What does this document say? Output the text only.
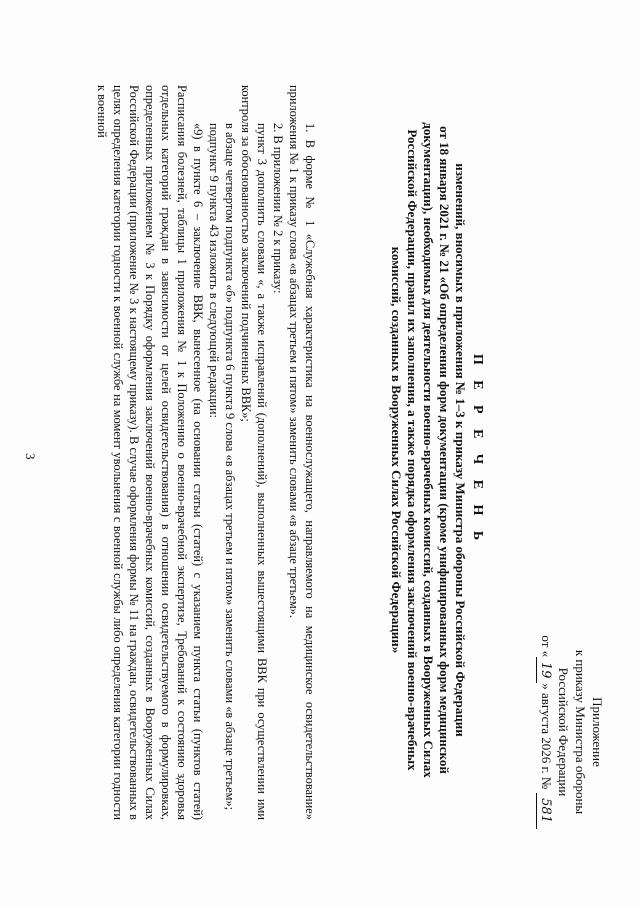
3
Приложение
к приказу Министра обороны
Российской Федерации
от «19» августа 2026 г. № 581
П Е Р Е Ч Е Н Ь
изменений, вносимых в приложения № 1–3 к приказу Министра обороны Российской Федерации
от 18 января 2021 г. № 21 «Об определении форм документации (кроме унифицированных форм медицинской
документации), необходимых для деятельности военно-врачебных комиссий, созданных в Вооруженных Силах
Российской Федерации, правил их заполнения, а также порядка оформления заключений военно-врачебных
комиссий, созданных в Вооруженных Силах Российской Федерации»

1. В форме № 1 «Служебная характеристика на военнослужащего, направляемого на медицинское освидетельствование» приложения № 1 к приказу слова «в абзацах третьем и пятом» заменить словами «в абзаце третьем».

2. В приложении № 2 к приказу:

пункт 3 дополнить словами «, а также исправлений (дополнений), выполненных вышестоящими ВВК при осуществлении ими контроля за обоснованностью заключений подчиненных ВВК»;

в абзаце четвертом подпункта «б» подпункта 6 пункта 9 слова «в абзацах третьем и пятом» заменить словами «в абзаце третьем»;

подпункт 9 пункта 43 изложить в следующей редакции:

«9) в пункте 6 – заключение ВВК, вынесенное (на основании статьи (статей) с указанием пункта статьи (пунктов статей) Расписания болезней, таблицы 1 приложения № 1 к Положению о военно-врачебной экспертизе, Требований к состоянию здоровья отдельных категорий граждан в зависимости от целей освидетельствования) в отношении освидетельствуемого в формулировках, определенных приложением № 3 к Порядку оформления заключений военно-врачебных комиссий, созданных в Вооруженных Силах Российской Федерации (приложение № 3 к настоящему приказу). В случае оформления формы № 11 на граждан, освидетельствованных в целях определения категории годности к военной службе на момент увольнения с военной службы либо определения категории годности к военной
